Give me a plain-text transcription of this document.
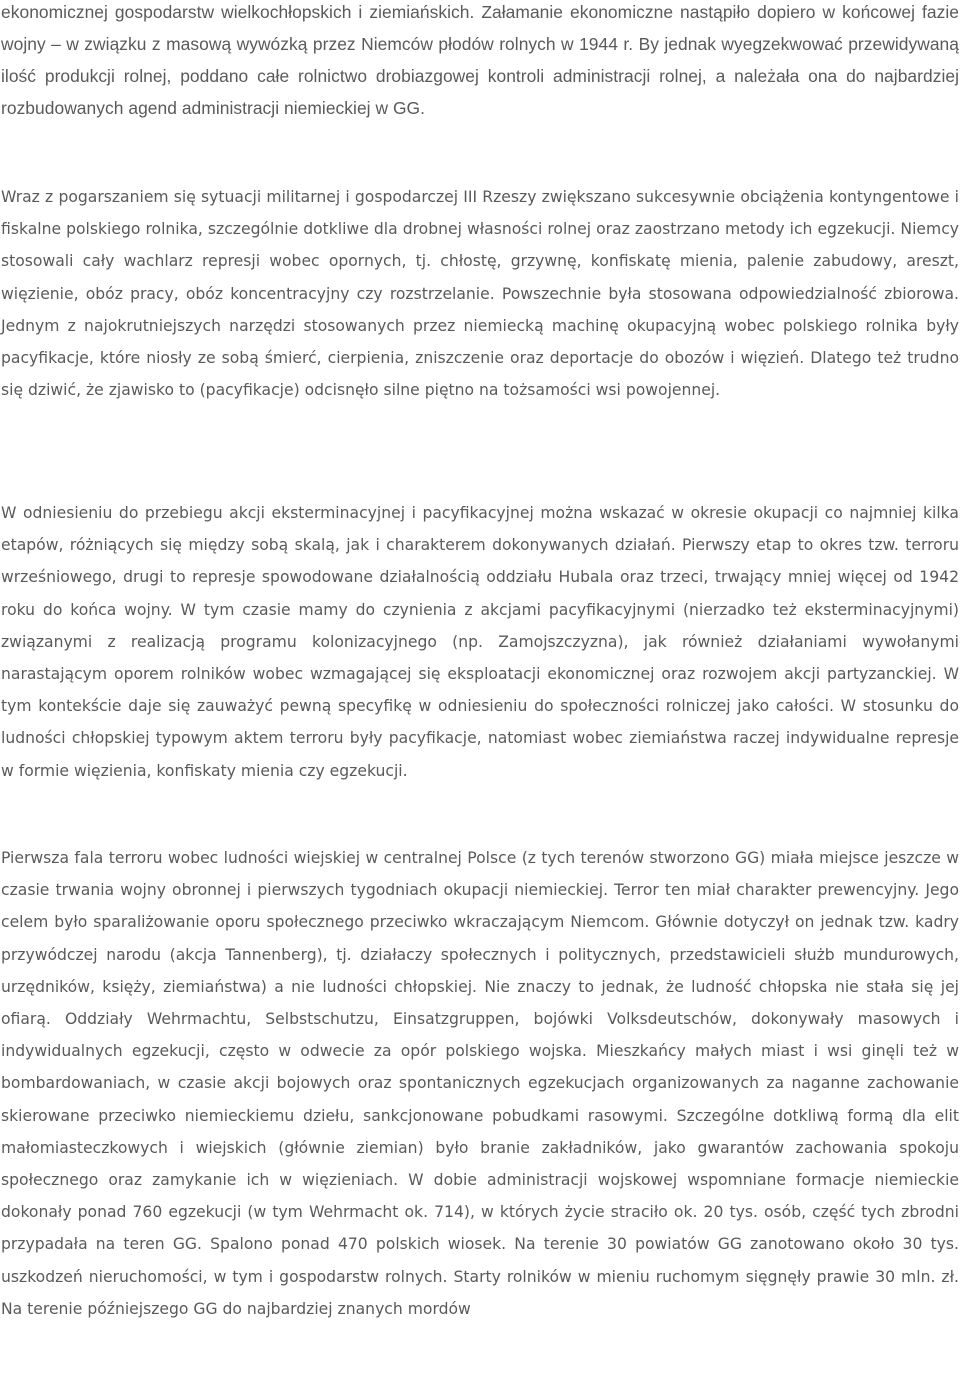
ekonomicznej gospodarstw wielkochłopskich i ziemiańskich. Załamanie ekonomiczne nastąpiło dopiero w końcowej fazie wojny – w związku z masową wywózką przez Niemców płodów rolnych w 1944 r. By jednak wyegzekwować przewidywaną ilość produkcji rolnej, poddano całe rolnictwo drobiazgowej kontroli administracji rolnej, a należała ona do najbardziej rozbudowanych agend administracji niemieckiej w GG.

Wraz z pogarszaniem się sytuacji militarnej i gospodarczej III Rzeszy zwiększano sukcesywnie obciążenia kontyngentowe i fiskalne polskiego rolnika, szczególnie dotkliwe dla drobnej własności rolnej oraz zaostrzano metody ich egzekucji. Niemcy stosowali cały wachlarz represji wobec opornych, tj. chłostę, grzywnę, konfiskatę mienia, palenie zabudowy, areszt, więzienie, obóz pracy, obóz koncentracyjny czy rozstrzelanie. Powszechnie była stosowana odpowiedzialność zbiorowa. Jednym z najokrutniejszych narzędzi stosowanych przez niemiecką machinę okupacyjną wobec polskiego rolnika były pacyfikacje, które niosły ze sobą śmierć, cierpienia, zniszczenie oraz deportacje do obozów i więzień. Dlatego też trudno się dziwić, że zjawisko to (pacyfikacje) odcisnęło silne piętno na tożsamości wsi powojennej.

W odniesieniu do przebiegu akcji eksterminacyjnej i pacyfikacyjnej można wskazać w okresie okupacji co najmniej kilka etapów, różniących się między sobą skalą, jak i charakterem dokonywanych działań. Pierwszy etap to okres tzw. terroru wrześniowego, drugi to represje spowodowane działalnością oddziału Hubala oraz trzeci, trwający mniej więcej od 1942 roku do końca wojny. W tym czasie mamy do czynienia z akcjami pacyfikacyjnymi (nierzadko też eksterminacyjnymi) związanymi z realizacją programu kolonizacyjnego (np. Zamojszczyzna), jak również działaniami wywołanymi narastającym oporem rolników wobec wzmagającej się eksploatacji ekonomicznej oraz rozwojem akcji partyzanckiej. W tym kontekście daje się zauważyć pewną specyfikę w odniesieniu do społeczności rolniczej jako całości. W stosunku do ludności chłopskiej typowym aktem terroru były pacyfikacje, natomiast wobec ziemiaństwa raczej indywidualne represje w formie więzienia, konfiskaty mienia czy egzekucji.

Pierwsza fala terroru wobec ludności wiejskiej w centralnej Polsce (z tych terenów stworzono GG) miała miejsce jeszcze w czasie trwania wojny obronnej i pierwszych tygodniach okupacji niemieckiej. Terror ten miał charakter prewencyjny. Jego celem było sparaliżowanie oporu społecznego przeciwko wkraczającym Niemcom. Głównie dotyczył on jednak tzw. kadry przywódczej narodu (akcja Tannenberg), tj. działaczy społecznych i politycznych, przedstawicieli służb mundurowych, urzędników, księży, ziemiaństwa) a nie ludności chłopskiej. Nie znaczy to jednak, że ludność chłopska nie stała się jej ofiarą. Oddziały Wehrmachtu, Selbstschutzu, Einsatzgruppen, bojówki Volksdeutschów, dokonywały masowych i indywidualnych egzekucji, często w odwecie za opór polskiego wojska. Mieszkańcy małych miast i wsi ginęli też w bombardowaniach, w czasie akcji bojowych oraz spontanicznych egzekucjach organizowanych za naganne zachowanie skierowane przeciwko niemieckiemu dziełu, sankcjonowane pobudkami rasowymi. Szczególne dotkliwą formą dla elit małomiasteczkowych i wiejskich (głównie ziemian) było branie zakładników, jako gwarantów zachowania spokoju społecznego oraz zamykanie ich w więzieniach. W dobie administracji wojskowej wspomniane formacje niemieckie dokonały ponad 760 egzekucji (w tym Wehrmacht ok. 714), w których życie straciło ok. 20 tys. osób, część tych zbrodni przypadała na teren GG. Spalono ponad 470 polskich wiosek. Na terenie 30 powiatów GG zanotowano około 30 tys. uszkodzeń nieruchomości, w tym i gospodarstw rolnych. Starty rolników w mieniu ruchomym sięgnęły prawie 30 mln. zł. Na terenie późniejszego GG do najbardziej znanych mordów
